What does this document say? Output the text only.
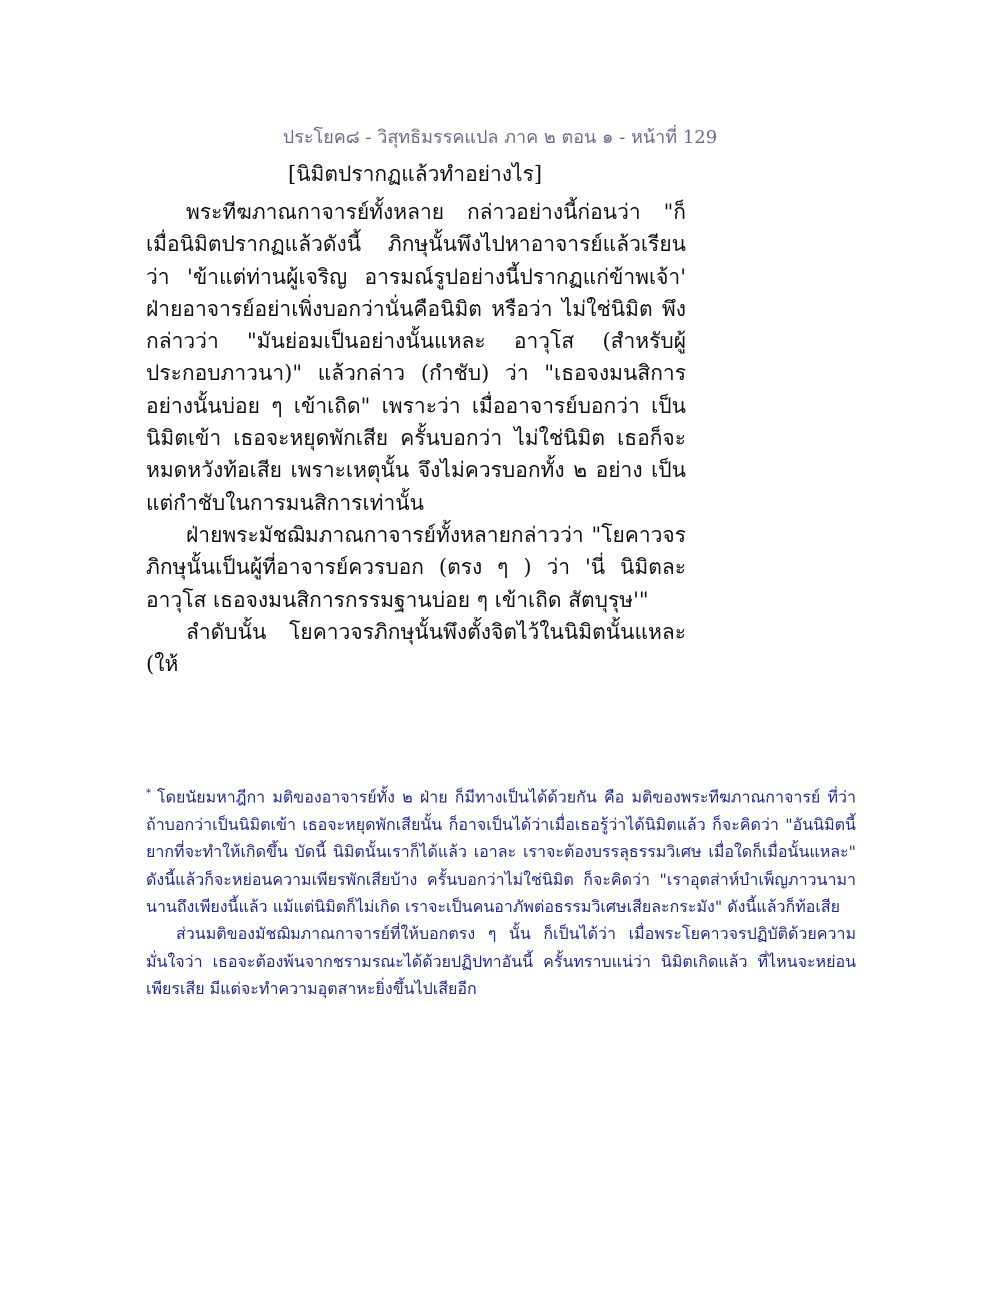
ประโยค๘ - วิสุทธิมรรคแปล ภาค ๒ ตอน ๑ - หน้าที่ 129
[นิมิตปรากฏแล้วทำอย่างไร]

พระทีฆภาณกาจารย์ทั้งหลาย กล่าวอย่างนี้ก่อนว่า "ก็เมื่อนิมิตปรากฏแล้วดังนี้ ภิกษุนั้นพึงไปหาอาจารย์แล้วเรียนว่า 'ข้าแต่ท่านผู้เจริญ อารมณ์รูปอย่างนี้ปรากฏแก่ข้าพเจ้า' ฝ่ายอาจารย์อย่าเพิ่งบอกว่านั่นคือนิมิต หรือว่า ไม่ใช่นิมิต พึงกล่าวว่า "มันย่อมเป็นอย่างนั้นแหละ อาวุโส (สำหรับผู้ประกอบภาวนา)" แล้วกล่าว (กำชับ) ว่า "เธอจงมนสิการอย่างนั้นบ่อย ๆ เข้าเถิด" เพราะว่า เมื่ออาจารย์บอกว่า เป็นนิมิตเข้า เธอจะหยุดพักเสีย ครั้นบอกว่า ไม่ใช่นิมิต เธอก็จะหมดหวังท้อเสีย เพราะเหตุนั้น จึงไม่ควรบอกทั้ง ๒ อย่าง เป็นแต่กำชับในการมนสิการเท่านั้น

ฝ่ายพระมัชฌิมภาณกาจารย์ทั้งหลายกล่าวว่า "โยคาวจรภิกษุนั้นเป็นผู้ที่อาจารย์ควรบอก (ตรง ๆ ) ว่า 'นี่ นิมิตละ อาวุโส เธอจงมนสิการกรรมฐานบ่อย ๆ เข้าเถิด สัตบุรุษ'"

ลำดับนั้น โยคาวจรภิกษุนั้นพึงตั้งจิตไว้ในนิมิตนั้นแหละ (ให้

* โดยนัยมหาฎีกา มติของอาจารย์ทั้ง ๒ ฝ่าย ก็มีทางเป็นได้ด้วยกัน คือ มติของพระทีฆภาณกาจารย์ ที่ว่า ถ้าบอกว่าเป็นนิมิตเข้า เธอจะหยุดพักเสียนั้น ก็อาจเป็นได้ว่าเมื่อเธอรู้ว่าได้นิมิตแล้ว ก็จะคิดว่า "อันนิมิตนี้ยากที่จะทำให้เกิดขึ้น บัดนี้ นิมิตนั้นเราก็ได้แล้ว เอาละ เราจะต้องบรรลุธรรมวิเศษ เมื่อใดก็เมื่อนั้นแหละ" ดังนี้แล้วก็จะหย่อนความเพียรพักเสียบ้าง ครั้นบอกว่าไม่ใช่นิมิต ก็จะคิดว่า "เราอุตส่าห์บำเพ็ญภาวนามานานถึงเพียงนี้แล้ว แม้แต่นิมิตก็ไม่เกิด เราจะเป็นคนอาภัพต่อธรรมวิเศษเสียละกระมัง" ดังนี้แล้วก็ท้อเสีย

ส่วนมติของมัชฌิมภาณกาจารย์ที่ให้บอกตรง ๆ นั้น ก็เป็นได้ว่า เมื่อพระโยคาวจรปฏิบัติด้วยความมั่นใจว่า เธอจะต้องพ้นจากชรามรณะได้ด้วยปฏิปทาอันนี้ ครั้นทราบแน่ว่า นิมิตเกิดแล้ว ที่ไหนจะหย่อนเพียรเสีย มีแต่จะทำความอุตสาหะยิ่งขึ้นไปเสียอีก
